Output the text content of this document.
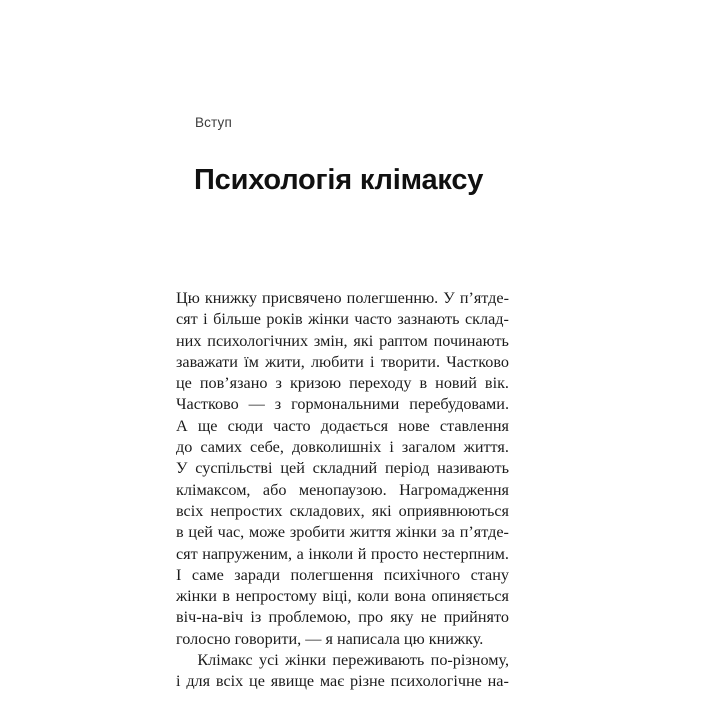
Вступ
Психологія клімаксу
Цю книжку присвячено полегшенню. У п’ятде-
сят і більше років жінки часто зазнають склад-
них психологічних змін, які раптом починають
заважати їм жити, любити і творити. Частково
це пов’язано з кризою переходу в новий вік.
Частково — з гормональними перебудовами.
А ще сюди часто додається нове ставлення
до самих себе, довколишніх і загалом життя.
У суспільстві цей складний період називають
клімаксом, або менопаузою. Нагромадження
всіх непростих складових, які оприявнюються
в цей час, може зробити життя жінки за п’ятде-
сят напруженим, а інколи й просто нестерпним.
І саме заради полегшення психічного стану
жінки в непростому віці, коли вона опиняється
віч-на-віч із проблемою, про яку не прийнято
голосно говорити, — я написала цю книжку.
Клімакс усі жінки переживають по-різному,
і для всіх це явище має різне психологічне на-
